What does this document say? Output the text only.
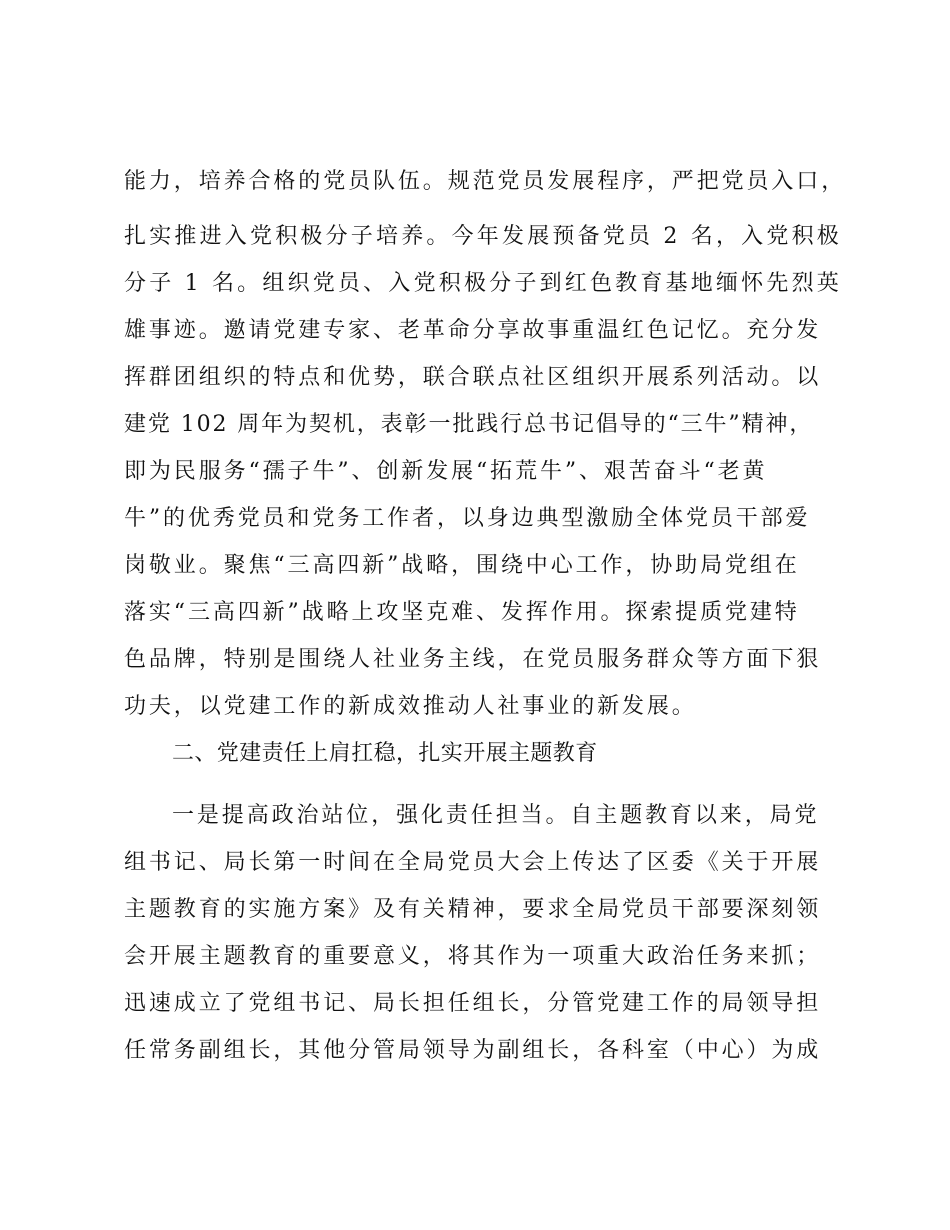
能力，培养合格的党员队伍。规范党员发展程序，严把党员入口，
扎实推进入党积极分子培养。今年发展预备党员 2 名，入党积极
分子 1 名。组织党员、入党积极分子到红色教育基地缅怀先烈英
雄事迹。邀请党建专家、老革命分享故事重温红色记忆。充分发
挥群团组织的特点和优势，联合联点社区组织开展系列活动。以
建党 102 周年为契机，表彰一批践行总书记倡导的“三牛”精神，
即为民服务“孺子牛”、创新发展“拓荒牛”、艰苦奋斗“老黄
牛”的优秀党员和党务工作者，以身边典型激励全体党员干部爱
岗敬业。聚焦“三高四新”战略，围绕中心工作，协助局党组在
落实“三高四新”战略上攻坚克难、发挥作用。探索提质党建特
色品牌，特别是围绕人社业务主线，在党员服务群众等方面下狠
功夫，以党建工作的新成效推动人社事业的新发展。
二、党建责任上肩扛稳，扎实开展主题教育
一是提高政治站位，强化责任担当。自主题教育以来，局党
组书记、局长第一时间在全局党员大会上传达了区委《关于开展
主题教育的实施方案》及有关精神，要求全局党员干部要深刻领
会开展主题教育的重要意义，将其作为一项重大政治任务来抓；
迅速成立了党组书记、局长担任组长，分管党建工作的局领导担
任常务副组长，其他分管局领导为副组长，各科室（中心）为成
